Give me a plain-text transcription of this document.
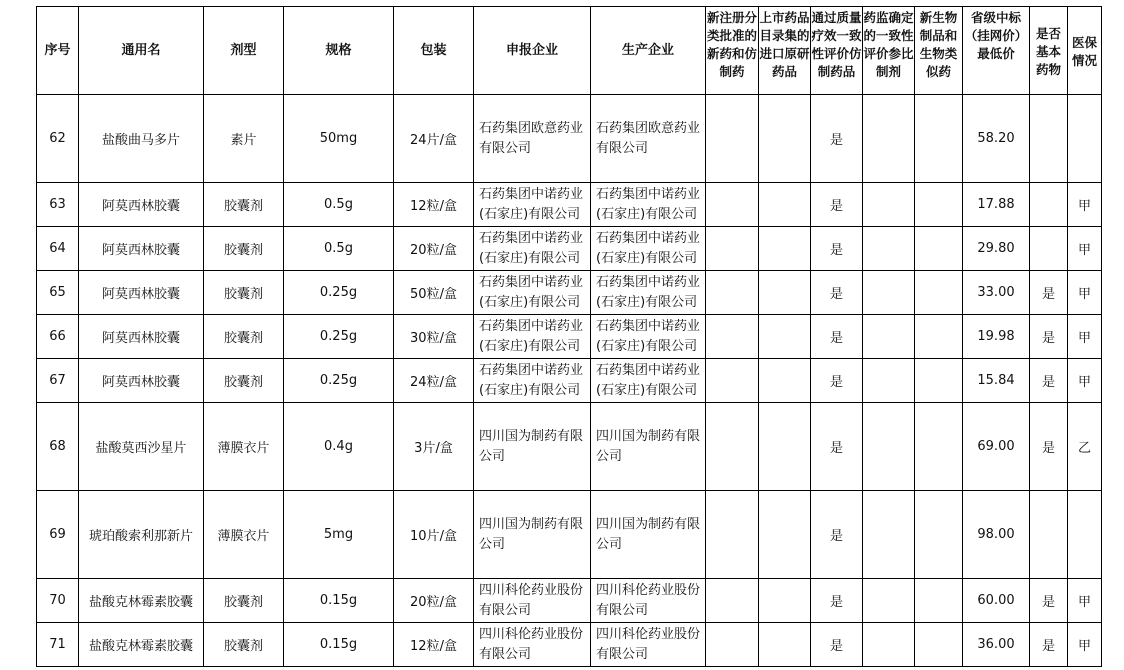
序号	通用名	剂型	规格	包装	申报企业	生产企业	新注册分类批准的新药和仿制药	上市药品目录集的进口原研药品	通过质量疗效一致性评价仿制药品	药监确定的一致性评价参比制剂	新生物制品和生物类似药	省级中标（挂网价）最低价	是否基本药物	医保情况

62	盐酸曲马多片	素片	50mg	24片/盒	石药集团欧意药业有限公司	石药集团欧意药业有限公司			是			58.20		
63	阿莫西林胶囊	胶囊剂	0.5g	12粒/盒	石药集团中诺药业(石家庄)有限公司	石药集团中诺药业(石家庄)有限公司			是			17.88		甲
64	阿莫西林胶囊	胶囊剂	0.5g	20粒/盒	石药集团中诺药业(石家庄)有限公司	石药集团中诺药业(石家庄)有限公司			是			29.80		甲
65	阿莫西林胶囊	胶囊剂	0.25g	50粒/盒	石药集团中诺药业(石家庄)有限公司	石药集团中诺药业(石家庄)有限公司			是			33.00	是	甲
66	阿莫西林胶囊	胶囊剂	0.25g	30粒/盒	石药集团中诺药业(石家庄)有限公司	石药集团中诺药业(石家庄)有限公司			是			19.98	是	甲
67	阿莫西林胶囊	胶囊剂	0.25g	24粒/盒	石药集团中诺药业(石家庄)有限公司	石药集团中诺药业(石家庄)有限公司			是			15.84	是	甲
68	盐酸莫西沙星片	薄膜衣片	0.4g	3片/盒	四川国为制药有限公司	四川国为制药有限公司			是			69.00	是	乙
69	琥珀酸索利那新片	薄膜衣片	5mg	10片/盒	四川国为制药有限公司	四川国为制药有限公司			是			98.00		
70	盐酸克林霉素胶囊	胶囊剂	0.15g	20粒/盒	四川科伦药业股份有限公司	四川科伦药业股份有限公司			是			60.00	是	甲
71	盐酸克林霉素胶囊	胶囊剂	0.15g	12粒/盒	四川科伦药业股份有限公司	四川科伦药业股份有限公司			是			36.00	是	甲
